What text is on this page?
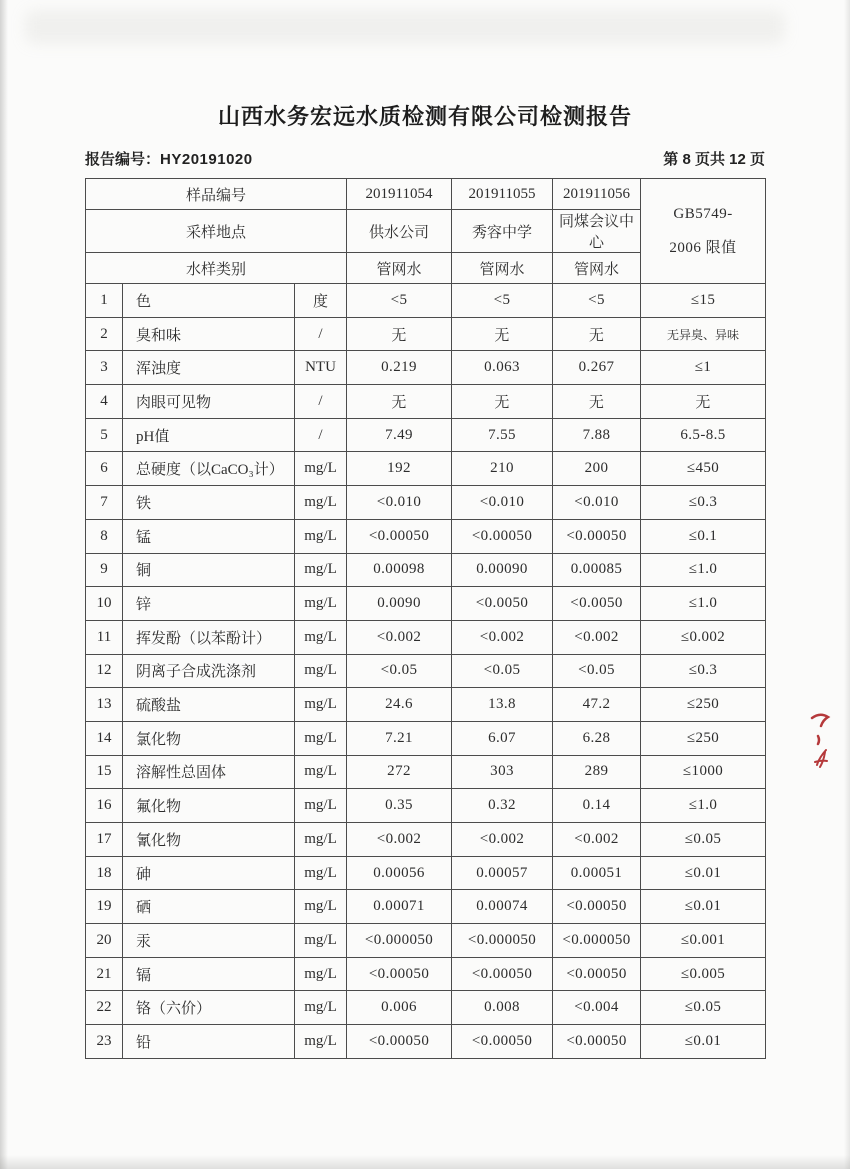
山西水务宏远水质检测有限公司检测报告
报告编号：HY20191020	第 8 页共 12 页
样品编号			201911054	201911055	201911056	GB5749-
2006 限值

采样地点			供水公司	秀容中学	同煤会议中心	
水样类别			管网水	管网水	管网水	
1	色	度	<5	<5	<5	≤15
2	臭和味	/	无	无	无	无异臭、异味
3	浑浊度	NTU	0.219	0.063	0.267	≤1
4	肉眼可见物	/	无	无	无	无
5	pH值	/	7.49	7.55	7.88	6.5-8.5
6	总硬度（以CaCO₃计）	mg/L	192	210	200	≤450
7	铁	mg/L	<0.010	<0.010	<0.010	≤0.3
8	锰	mg/L	<0.00050	<0.00050	<0.00050	≤0.1
9	铜	mg/L	0.00098	0.00090	0.00085	≤1.0
10	锌	mg/L	0.0090	<0.0050	<0.0050	≤1.0
11	挥发酚（以苯酚计）	mg/L	<0.002	<0.002	<0.002	≤0.002
12	阴离子合成洗涤剂	mg/L	<0.05	<0.05	<0.05	≤0.3
13	硫酸盐	mg/L	24.6	13.8	47.2	≤250
14	氯化物	mg/L	7.21	6.07	6.28	≤250
15	溶解性总固体	mg/L	272	303	289	≤1000
16	氟化物	mg/L	0.35	0.32	0.14	≤1.0
17	氰化物	mg/L	<0.002	<0.002	<0.002	≤0.05
18	砷	mg/L	0.00056	0.00057	0.00051	≤0.01
19	硒	mg/L	0.00071	0.00074	<0.00050	≤0.01
20	汞	mg/L	<0.000050	<0.000050	<0.000050	≤0.001
21	镉	mg/L	<0.00050	<0.00050	<0.00050	≤0.005
22	铬（六价）	mg/L	0.006	0.008	<0.004	≤0.05
23	铅	mg/L	<0.00050	<0.00050	<0.00050	≤0.01
